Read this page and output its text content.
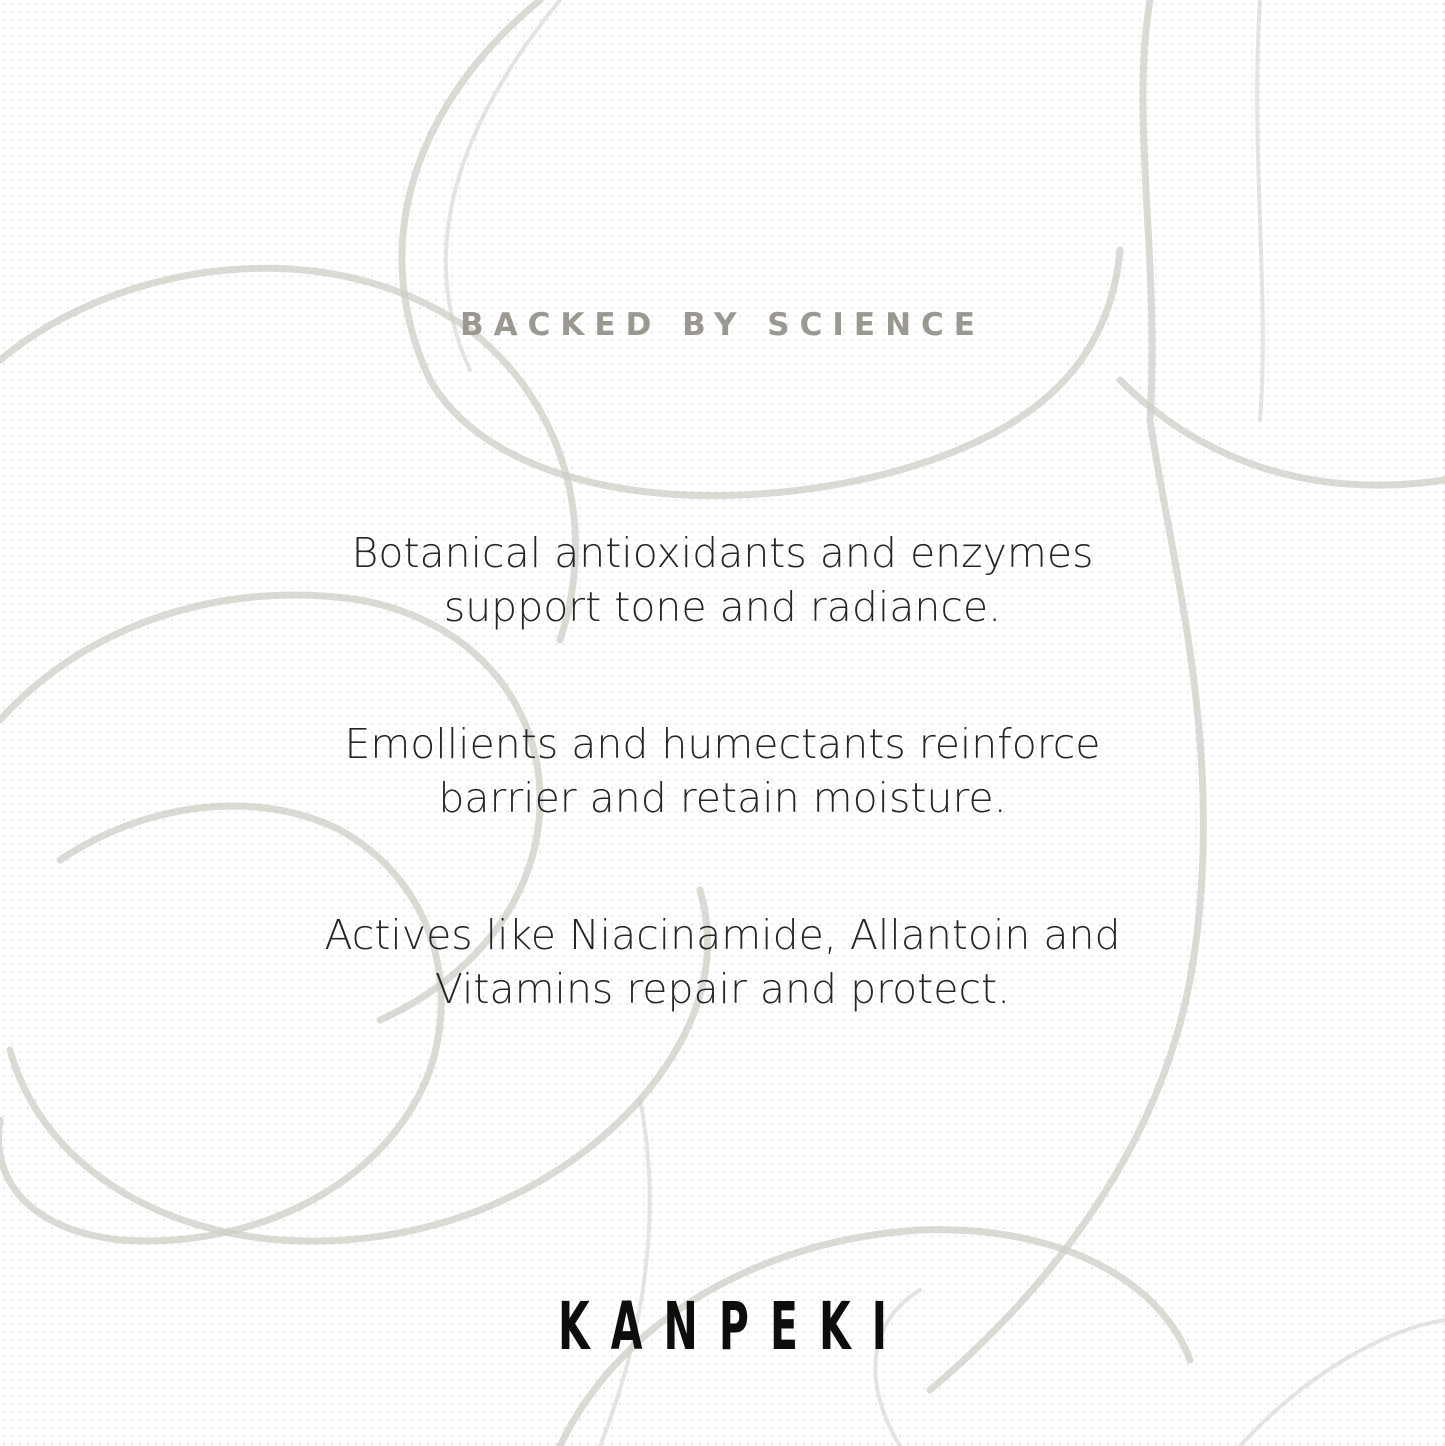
BACKED BY SCIENCE

Botanical antioxidants and enzymes
support tone and radiance.

Emollients and humectants reinforce
barrier and retain moisture.

Actives like Niacinamide, Allantoin and
Vitamins repair and protect.

KANPEKI
